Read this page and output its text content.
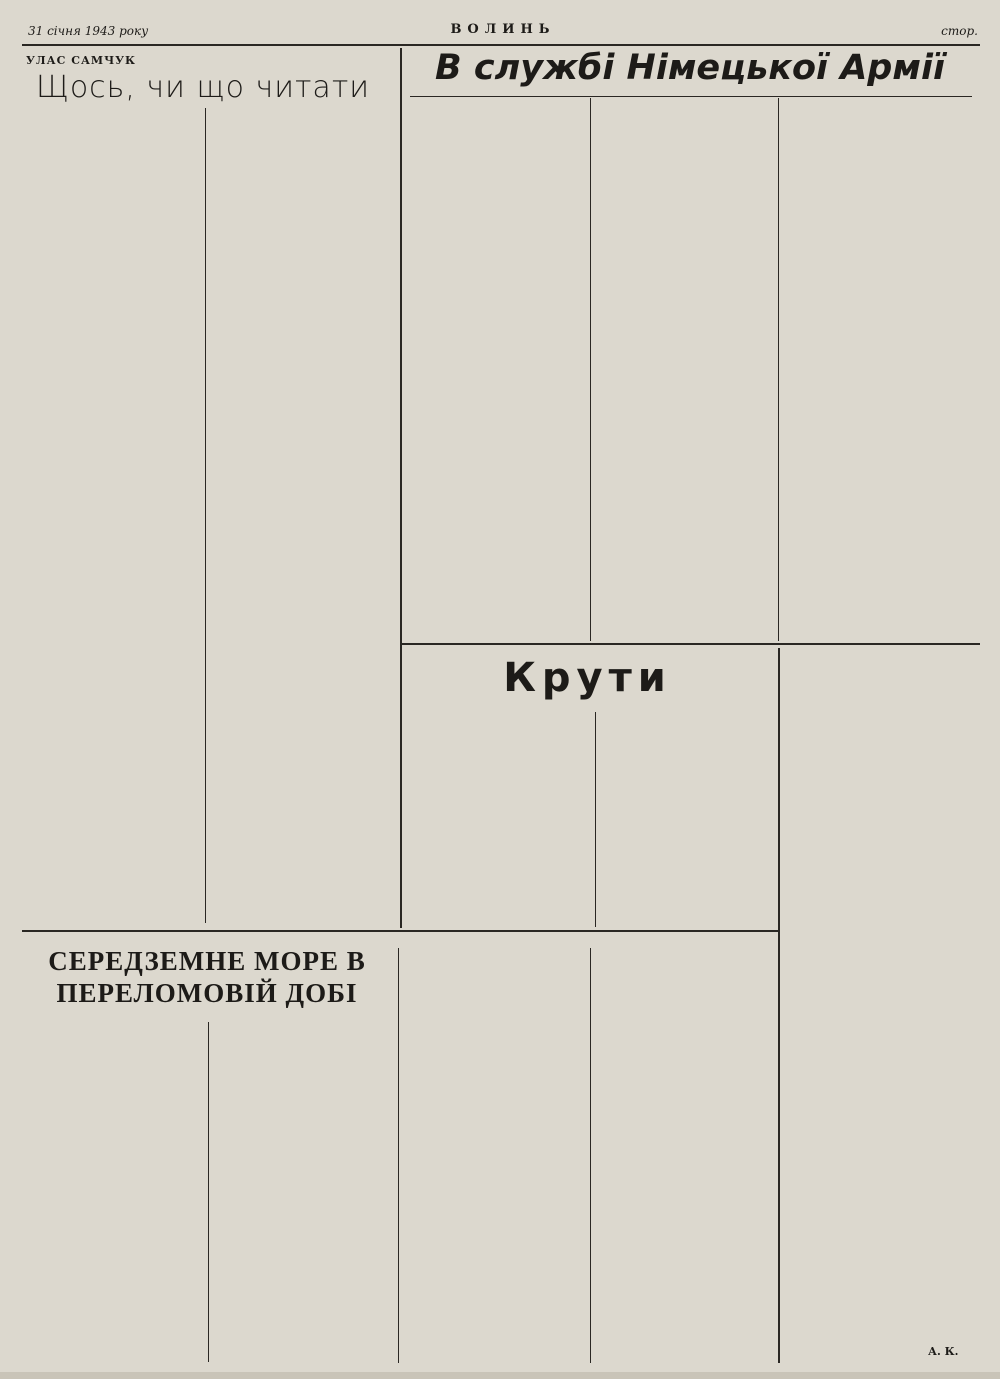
31 січня 1943 року	ВОЛИНЬ	стор.
УЛАС САМЧУК
Щось, чи що читати	В службі Німецької Армії
Крути
СЕРЕДЗЕМНЕ МОРЕ В ПЕРЕЛОМОВІЙ ДОБІ
А. К.
